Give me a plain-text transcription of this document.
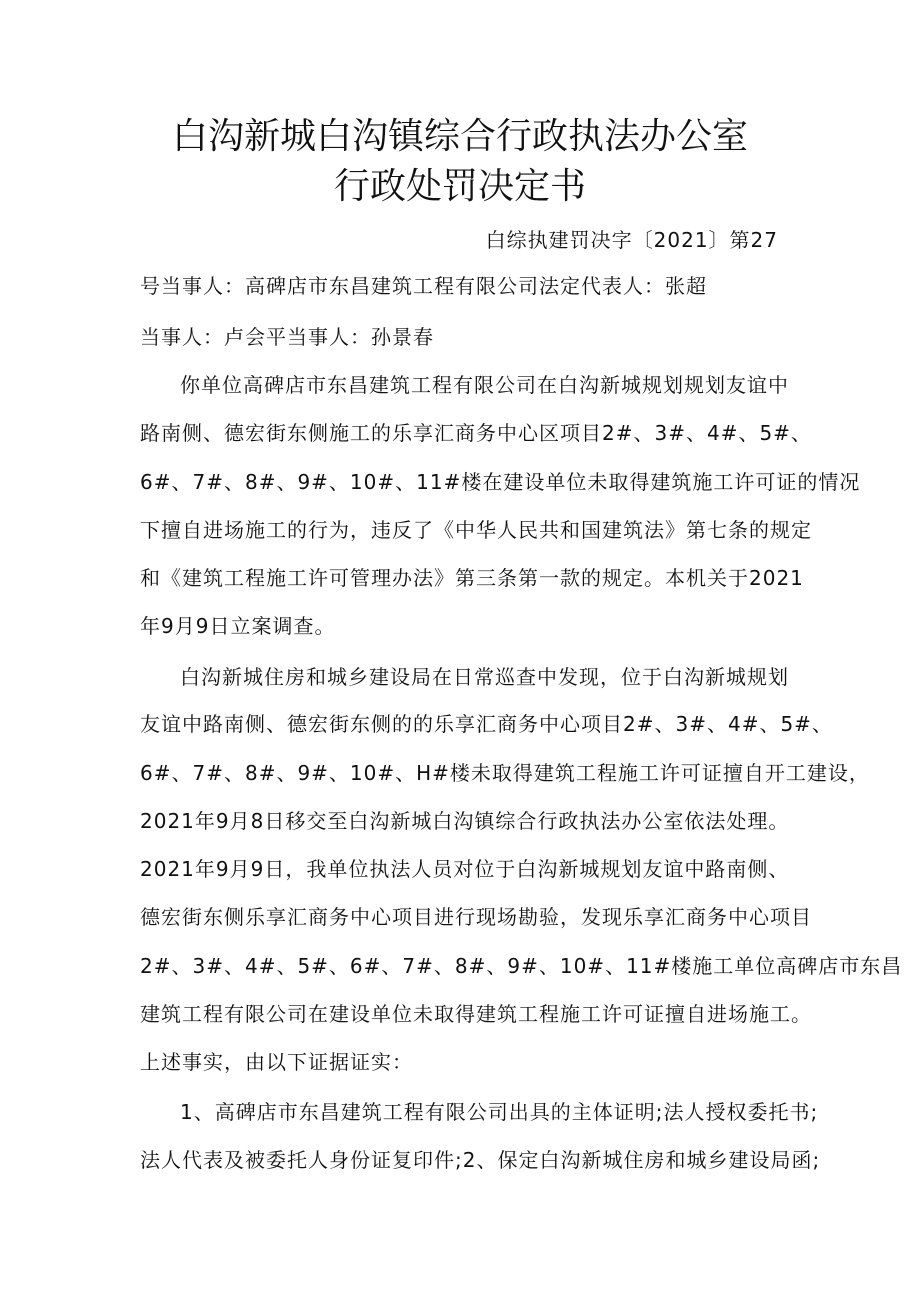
白沟新城白沟镇综合行政执法办公室
行政处罚决定书
白综执建罚决字〔2021〕第27
号当事人：高碑店市东昌建筑工程有限公司法定代表人：张超
当事人：卢会平当事人：孙景春
你单位高碑店市东昌建筑工程有限公司在白沟新城规划规划友谊中
路南侧、德宏街东侧施工的乐享汇商务中心区项目2#、3#、4#、5#、
6#、7#、8#、9#、10#、11#楼在建设单位未取得建筑施工许可证的情况
下擅自进场施工的行为，违反了《中华人民共和国建筑法》第七条的规定
和《建筑工程施工许可管理办法》第三条第一款的规定。本机关于2021
年9月9日立案调查。
白沟新城住房和城乡建设局在日常巡查中发现，位于白沟新城规划
友谊中路南侧、德宏街东侧的的乐享汇商务中心项目2#、3#、4#、5#、
6#、7#、8#、9#、10#、H#楼未取得建筑工程施工许可证擅自开工建设，
2021年9月8日移交至白沟新城白沟镇综合行政执法办公室依法处理。
2021年9月9日，我单位执法人员对位于白沟新城规划友谊中路南侧、
德宏街东侧乐享汇商务中心项目进行现场勘验，发现乐享汇商务中心项目
2#、3#、4#、5#、6#、7#、8#、9#、10#、11#楼施工单位高碑店市东昌
建筑工程有限公司在建设单位未取得建筑工程施工许可证擅自进场施工。
上述事实，由以下证据证实：
1、高碑店市东昌建筑工程有限公司出具的主体证明;法人授权委托书;
法人代表及被委托人身份证复印件;2、保定白沟新城住房和城乡建设局函;
